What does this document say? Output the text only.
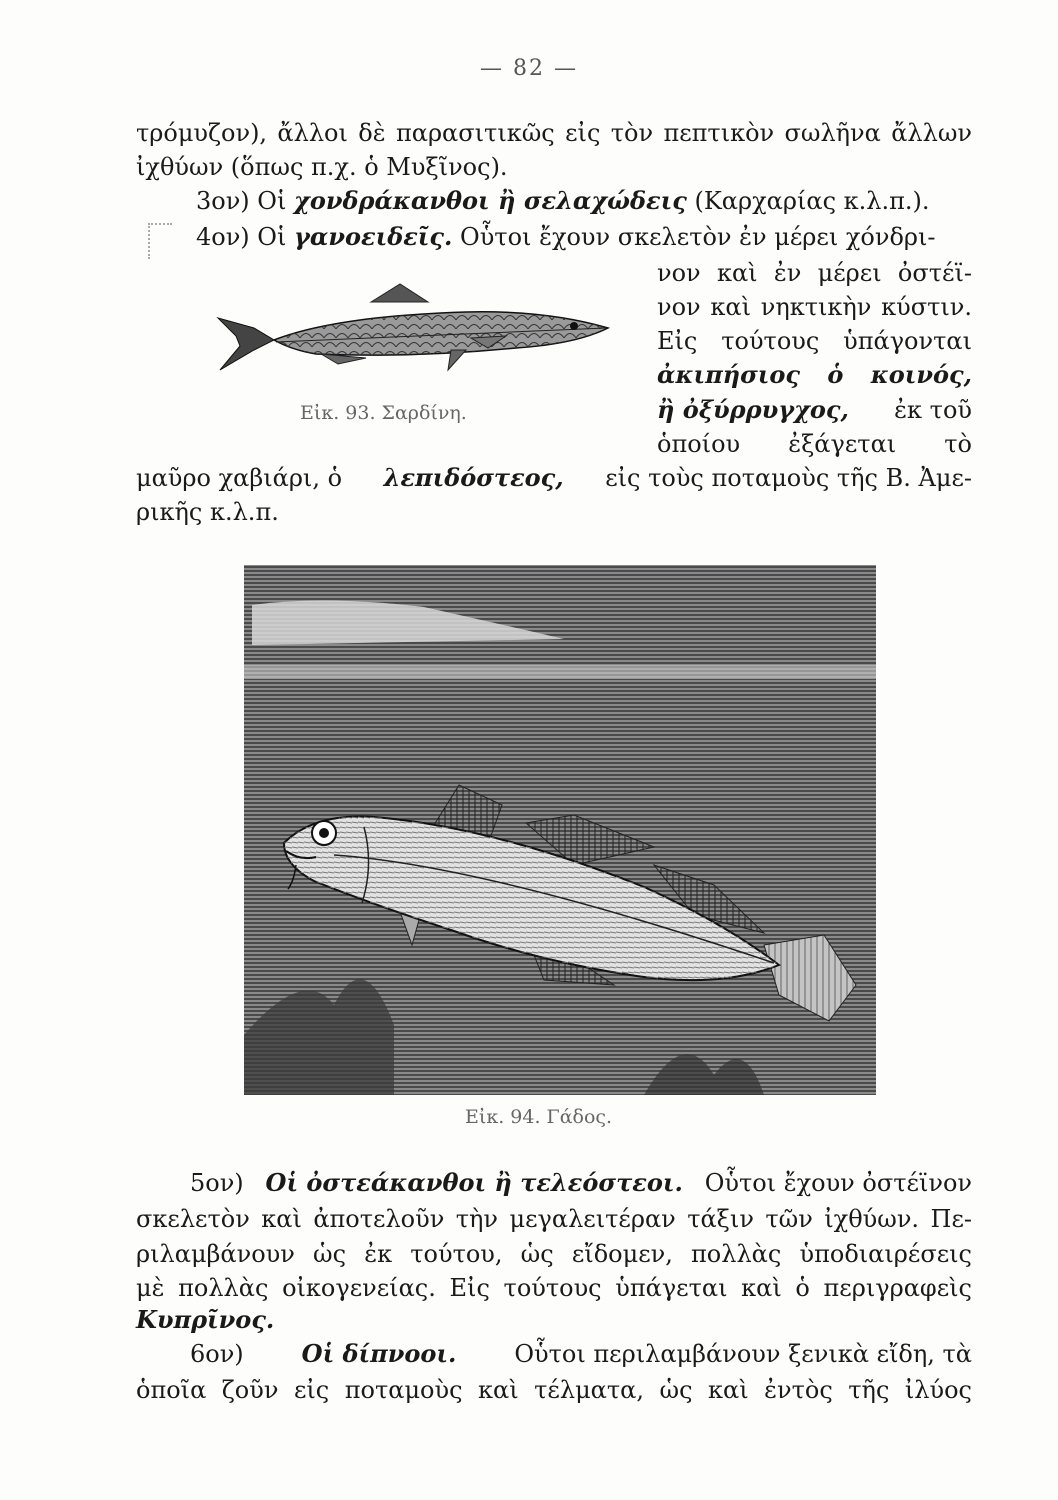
— 82 —
τρόμυζον), ἄλλοι δὲ παρασιτικῶς εἰς τὸν πεπτικὸν σωλῆνα ἄλλων
ἰχθύων (ὅπως π.χ. ὁ Μυξῖνος).
3ον) Οἱ χονδράκανθοι ἢ σελαχώδεις (Καρχαρίας κ.λ.π.).
4ον) Οἱ γανοειδεῖς. Οὗτοι ἔχουν σκελετὸν ἐν μέρει χόνδρι-
νον καὶ ἐν μέρει ὀστέϊ-
νον καὶ νηκτικὴν κύστιν.
Εἰς τούτους ὑπάγονται
ἀκιπήσιος ὁ κοινός,
ἢ ὀξύρρυγχος, ἐκ τοῦ
ὁποίου ἐξάγεται τὸ
μαῦρο χαβιάρι, ὁ λεπιδόστεος, εἰς τοὺς ποταμοὺς τῆς Β. Ἀμε-
ρικῆς κ.λ.π.
Εἰκ. 93. Σαρδίνη.
Εἰκ. 94. Γάδος.
5ον) Οἱ ὀστεάκανθοι ἢ τελεόστεοι. Οὗτοι ἔχουν ὀστέϊνον
σκελετὸν καὶ ἀποτελοῦν τὴν μεγαλειτέραν τάξιν τῶν ἰχθύων. Πε-
ριλαμβάνουν ὡς ἐκ τούτου, ὡς εἴδομεν, πολλὰς ὑποδιαιρέσεις
μὲ πολλὰς οἰκογενείας. Εἰς τούτους ὑπάγεται καὶ ὁ περιγραφεὶς
Κυπρῖνος.
6ον) Οἱ δίπνοοι. Οὗτοι περιλαμβάνουν ξενικὰ εἴδη, τὰ
ὁποῖα ζοῦν εἰς ποταμοὺς καὶ τέλματα, ὡς καὶ ἐντὸς τῆς ἰλύος
